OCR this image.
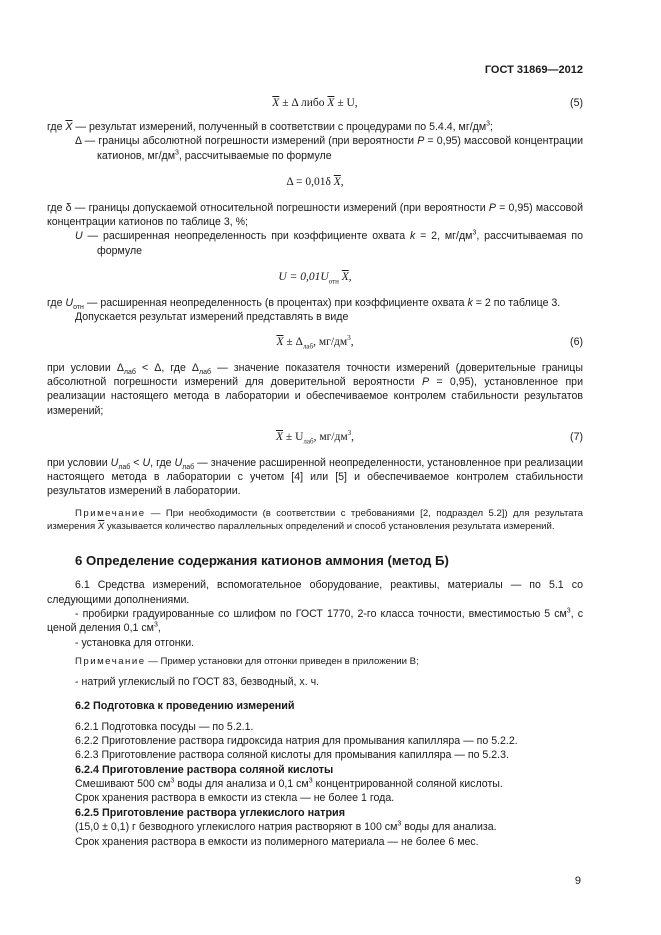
ГОСТ 31869—2012
$\overline{X} \pm \Delta$ либо $\overline{X} \pm U$,	(5)

где $\overline{X}$ — результат измерений, полученный в соответствии с процедурами по 5.4.4, $мг/дм^3$;

Δ — границы абсолютной погрешности измерений (при вероятности P = 0,95) массовой концентрации катионов, $мг/дм^3$, рассчитываемые по формуле

Δ = 0,01δ $\overline{X}$,

где δ — границы допускаемой относительной погрешности измерений (при вероятности P = 0,95) массовой концентрации катионов по таблице 3, %;

U — расширенная неопределенность при коэффициенте охвата k = 2, $мг/дм^3$, рассчитываемая по формуле

$U = 0,01U_{отн}$ $\overline{X}$,

где $U_{отн}$ — расширенная неопределенность (в процентах) при коэффициенте охвата k = 2 по таблице 3.

Допускается результат измерений представлять в виде

$\overline{X} \pm \Delta_{лаб}$, $мг/дм^3$,	(6)

при условии $\Delta_{лаб} < \Delta$, где $\Delta_{лаб}$ — значение показателя точности измерений (доверительные границы абсолютной погрешности измерений для доверительной вероятности P = 0,95), установленное при реализации настоящего метода в лаборатории и обеспечиваемое контролем стабильности результатов измерений;

$\overline{X} \pm U_{лаб}$, $мг/дм^3$,	(7)

при условии $U_{лаб} < U$, где $U_{лаб}$ — значение расширенной неопределенности, установленное при реализации настоящего метода в лаборатории с учетом [4] или [5] и обеспечиваемое контролем стабильности результатов измерений в лаборатории.

Примечание — При необходимости (в соответствии с требованиями [2, подраздел 5.2]) для результата измерения $\overline{X}$ указывается количество параллельных определений и способ установления результата измерений.

6 Определение содержания катионов аммония (метод Б)

6.1 Средства измерений, вспомогательное оборудование, реактивы, материалы — по 5.1 со следующими дополнениями.

- пробирки градуированные со шлифом по ГОСТ 1770, 2-го класса точности, вместимостью 5 $см^3$, с ценой деления 0,1 $см^3$,

- установка для отгонки.

Примечание — Пример установки для отгонки приведен в приложении В;

- натрий углекислый по ГОСТ 83, безводный, х. ч.

6.2 Подготовка к проведению измерений

6.2.1 Подготовка посуды — по 5.2.1.

6.2.2 Приготовление раствора гидроксида натрия для промывания капилляра — по 5.2.2.

6.2.3 Приготовление раствора соляной кислоты для промывания капилляра — по 5.2.3.

6.2.4 Приготовление раствора соляной кислоты

Смешивают 500 $см^3$ воды для анализа и 0,1 $см^3$ концентрированной соляной кислоты.

Срок хранения раствора в емкости из стекла — не более 1 года.

6.2.5 Приготовление раствора углекислого натрия

(15,0 ± 0,1) г безводного углекислого натрия растворяют в 100 $см^3$ воды для анализа.

Срок хранения раствора в емкости из полимерного материала — не более 6 мес.

9
